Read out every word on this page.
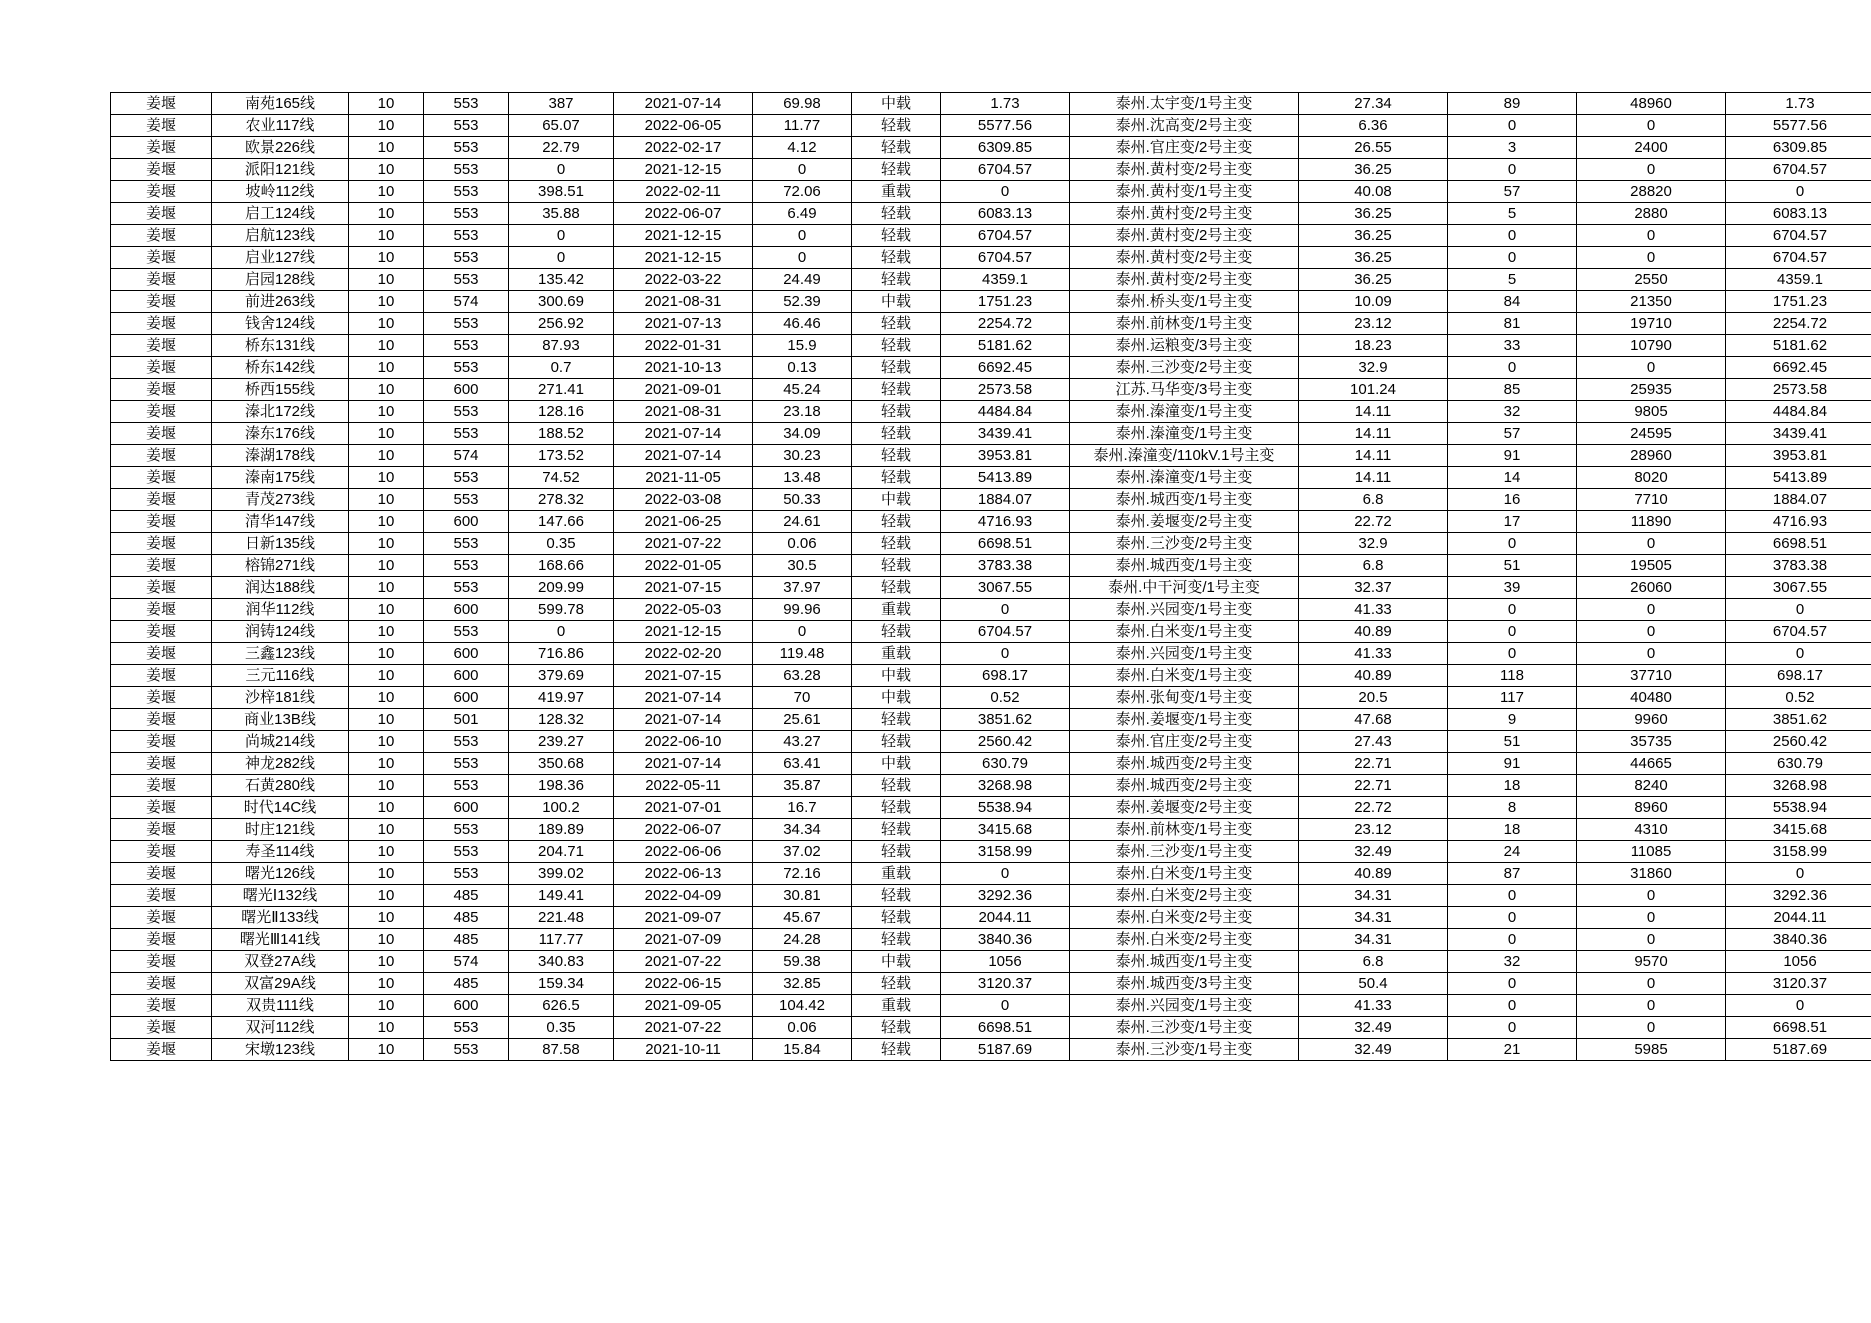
姜堰	南苑165线	10	553	387	2021-07-14	69.98	中载	1.73	泰州.太宇变/1号主变	27.34	89	48960	1.73
姜堰	农业117线	10	553	65.07	2022-06-05	11.77	轻载	5577.56	泰州.沈高变/2号主变	6.36	0	0	5577.56
姜堰	欧景226线	10	553	22.79	2022-02-17	4.12	轻载	6309.85	泰州.官庄变/2号主变	26.55	3	2400	6309.85
姜堰	派阳121线	10	553	0	2021-12-15	0	轻载	6704.57	泰州.黄村变/2号主变	36.25	0	0	6704.57
姜堰	坡岭112线	10	553	398.51	2022-02-11	72.06	重载	0	泰州.黄村变/1号主变	40.08	57	28820	0
姜堰	启工124线	10	553	35.88	2022-06-07	6.49	轻载	6083.13	泰州.黄村变/2号主变	36.25	5	2880	6083.13
姜堰	启航123线	10	553	0	2021-12-15	0	轻载	6704.57	泰州.黄村变/2号主变	36.25	0	0	6704.57
姜堰	启业127线	10	553	0	2021-12-15	0	轻载	6704.57	泰州.黄村变/2号主变	36.25	0	0	6704.57
姜堰	启园128线	10	553	135.42	2022-03-22	24.49	轻载	4359.1	泰州.黄村变/2号主变	36.25	5	2550	4359.1
姜堰	前进263线	10	574	300.69	2021-08-31	52.39	中载	1751.23	泰州.桥头变/1号主变	10.09	84	21350	1751.23
姜堰	钱舍124线	10	553	256.92	2021-07-13	46.46	轻载	2254.72	泰州.前林变/1号主变	23.12	81	19710	2254.72
姜堰	桥东131线	10	553	87.93	2022-01-31	15.9	轻载	5181.62	泰州.运粮变/3号主变	18.23	33	10790	5181.62
姜堰	桥东142线	10	553	0.7	2021-10-13	0.13	轻载	6692.45	泰州.三沙变/2号主变	32.9	0	0	6692.45
姜堰	桥西155线	10	600	271.41	2021-09-01	45.24	轻载	2573.58	江苏.马华变/3号主变	101.24	85	25935	2573.58
姜堰	溱北172线	10	553	128.16	2021-08-31	23.18	轻载	4484.84	泰州.溱潼变/1号主变	14.11	32	9805	4484.84
姜堰	溱东176线	10	553	188.52	2021-07-14	34.09	轻载	3439.41	泰州.溱潼变/1号主变	14.11	57	24595	3439.41
姜堰	溱湖178线	10	574	173.52	2021-07-14	30.23	轻载	3953.81	泰州.溱潼变/110kV.1号主变	14.11	91	28960	3953.81
姜堰	溱南175线	10	553	74.52	2021-11-05	13.48	轻载	5413.89	泰州.溱潼变/1号主变	14.11	14	8020	5413.89
姜堰	青茂273线	10	553	278.32	2022-03-08	50.33	中载	1884.07	泰州.城西变/1号主变	6.8	16	7710	1884.07
姜堰	清华147线	10	600	147.66	2021-06-25	24.61	轻载	4716.93	泰州.姜堰变/2号主变	22.72	17	11890	4716.93
姜堰	日新135线	10	553	0.35	2021-07-22	0.06	轻载	6698.51	泰州.三沙变/2号主变	32.9	0	0	6698.51
姜堰	榕锦271线	10	553	168.66	2022-01-05	30.5	轻载	3783.38	泰州.城西变/1号主变	6.8	51	19505	3783.38
姜堰	润达188线	10	553	209.99	2021-07-15	37.97	轻载	3067.55	泰州.中干河变/1号主变	32.37	39	26060	3067.55
姜堰	润华112线	10	600	599.78	2022-05-03	99.96	重载	0	泰州.兴园变/1号主变	41.33	0	0	0
姜堰	润铸124线	10	553	0	2021-12-15	0	轻载	6704.57	泰州.白米变/1号主变	40.89	0	0	6704.57
姜堰	三鑫123线	10	600	716.86	2022-02-20	119.48	重载	0	泰州.兴园变/1号主变	41.33	0	0	0
姜堰	三元116线	10	600	379.69	2021-07-15	63.28	中载	698.17	泰州.白米变/1号主变	40.89	118	37710	698.17
姜堰	沙梓181线	10	600	419.97	2021-07-14	70	中载	0.52	泰州.张甸变/1号主变	20.5	117	40480	0.52
姜堰	商业13B线	10	501	128.32	2021-07-14	25.61	轻载	3851.62	泰州.姜堰变/1号主变	47.68	9	9960	3851.62
姜堰	尚城214线	10	553	239.27	2022-06-10	43.27	轻载	2560.42	泰州.官庄变/2号主变	27.43	51	35735	2560.42
姜堰	神龙282线	10	553	350.68	2021-07-14	63.41	中载	630.79	泰州.城西变/2号主变	22.71	91	44665	630.79
姜堰	石黄280线	10	553	198.36	2022-05-11	35.87	轻载	3268.98	泰州.城西变/2号主变	22.71	18	8240	3268.98
姜堰	时代14C线	10	600	100.2	2021-07-01	16.7	轻载	5538.94	泰州.姜堰变/2号主变	22.72	8	8960	5538.94
姜堰	时庄121线	10	553	189.89	2022-06-07	34.34	轻载	3415.68	泰州.前林变/1号主变	23.12	18	4310	3415.68
姜堰	寿圣114线	10	553	204.71	2022-06-06	37.02	轻载	3158.99	泰州.三沙变/1号主变	32.49	24	11085	3158.99
姜堰	曙光126线	10	553	399.02	2022-06-13	72.16	重载	0	泰州.白米变/1号主变	40.89	87	31860	0
姜堰	曙光Ⅰ132线	10	485	149.41	2022-04-09	30.81	轻载	3292.36	泰州.白米变/2号主变	34.31	0	0	3292.36
姜堰	曙光Ⅱ133线	10	485	221.48	2021-09-07	45.67	轻载	2044.11	泰州.白米变/2号主变	34.31	0	0	2044.11
姜堰	曙光Ⅲ141线	10	485	117.77	2021-07-09	24.28	轻载	3840.36	泰州.白米变/2号主变	34.31	0	0	3840.36
姜堰	双登27A线	10	574	340.83	2021-07-22	59.38	中载	1056	泰州.城西变/1号主变	6.8	32	9570	1056
姜堰	双富29A线	10	485	159.34	2022-06-15	32.85	轻载	3120.37	泰州.城西变/3号主变	50.4	0	0	3120.37
姜堰	双贵111线	10	600	626.5	2021-09-05	104.42	重载	0	泰州.兴园变/1号主变	41.33	0	0	0
姜堰	双河112线	10	553	0.35	2021-07-22	0.06	轻载	6698.51	泰州.三沙变/1号主变	32.49	0	0	6698.51
姜堰	宋墩123线	10	553	87.58	2021-10-11	15.84	轻载	5187.69	泰州.三沙变/1号主变	32.49	21	5985	5187.69
